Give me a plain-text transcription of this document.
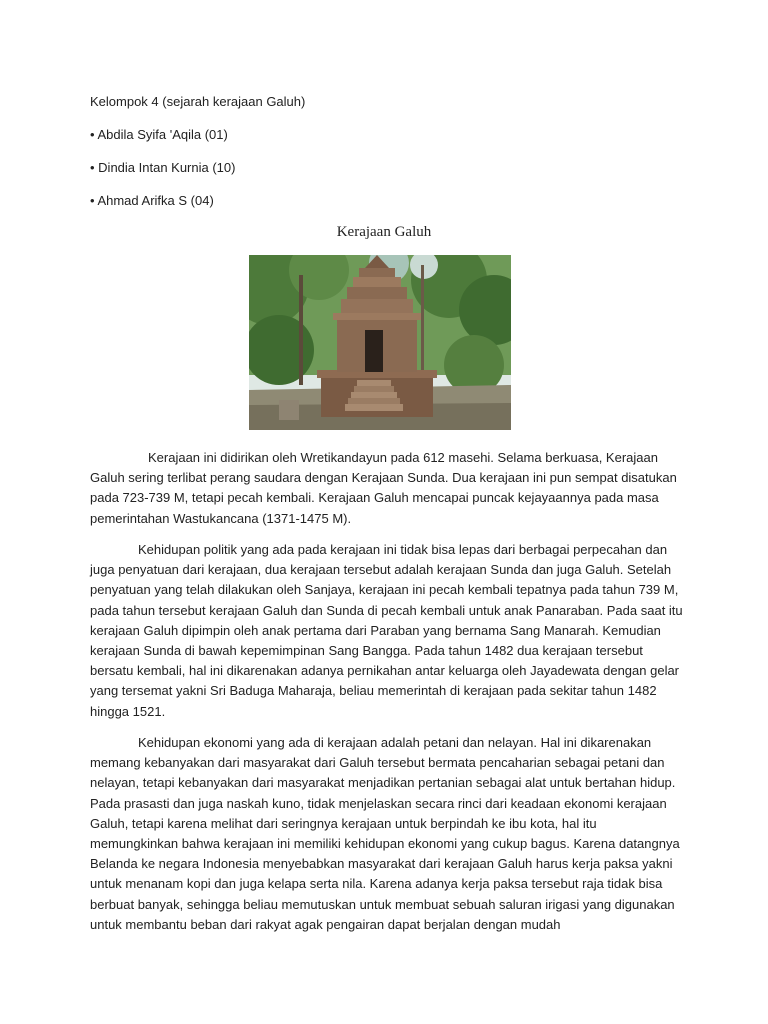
Kelompok 4 (sejarah kerajaan Galuh)
• Abdila Syifa 'Aqila (01)
• Dindia Intan Kurnia (10)
• Ahmad Arifka S (04)
Kerajaan Galuh

Kerajaan ini didirikan oleh Wretikandayun pada 612 masehi. Selama berkuasa, Kerajaan Galuh sering terlibat perang saudara dengan Kerajaan Sunda. Dua kerajaan ini pun sempat disatukan pada 723-739 M, tetapi pecah kembali. Kerajaan Galuh mencapai puncak kejayaannya pada masa pemerintahan Wastukancana (1371-1475 M).

Kehidupan politik yang ada pada kerajaan ini tidak bisa lepas dari berbagai perpecahan dan juga penyatuan dari kerajaan, dua kerajaan tersebut adalah kerajaan Sunda dan juga Galuh. Setelah penyatuan yang telah dilakukan oleh Sanjaya, kerajaan ini pecah kembali tepatnya pada tahun 739 M, pada tahun tersebut kerajaan Galuh dan Sunda di pecah kembali untuk anak Panaraban. Pada saat itu kerajaan Galuh dipimpin oleh anak pertama dari Paraban yang bernama Sang Manarah. Kemudian kerajaan Sunda di bawah kepemimpinan Sang Bangga. Pada tahun 1482 dua kerajaan tersebut bersatu kembali, hal ini dikarenakan adanya pernikahan antar keluarga oleh Jayadewata dengan gelar yang tersemat yakni Sri Baduga Maharaja, beliau memerintah di kerajaan pada sekitar tahun 1482 hingga 1521.

Kehidupan ekonomi yang ada di kerajaan adalah petani dan nelayan. Hal ini dikarenakan memang kebanyakan dari masyarakat dari Galuh tersebut bermata pencaharian sebagai petani dan nelayan, tetapi kebanyakan dari masyarakat menjadikan pertanian sebagai alat untuk bertahan hidup. Pada prasasti dan juga naskah kuno, tidak menjelaskan secara rinci dari keadaan ekonomi kerajaan Galuh, tetapi karena melihat dari seringnya kerajaan untuk berpindah ke ibu kota, hal itu memungkinkan bahwa kerajaan ini memiliki kehidupan ekonomi yang cukup bagus. Karena datangnya Belanda ke negara Indonesia menyebabkan masyarakat dari kerajaan Galuh harus kerja paksa yakni untuk menanam kopi dan juga kelapa serta nila. Karena adanya kerja paksa tersebut raja tidak bisa berbuat banyak, sehingga beliau memutuskan untuk membuat sebuah saluran irigasi yang digunakan untuk membantu beban dari rakyat agak pengairan dapat berjalan dengan mudah
